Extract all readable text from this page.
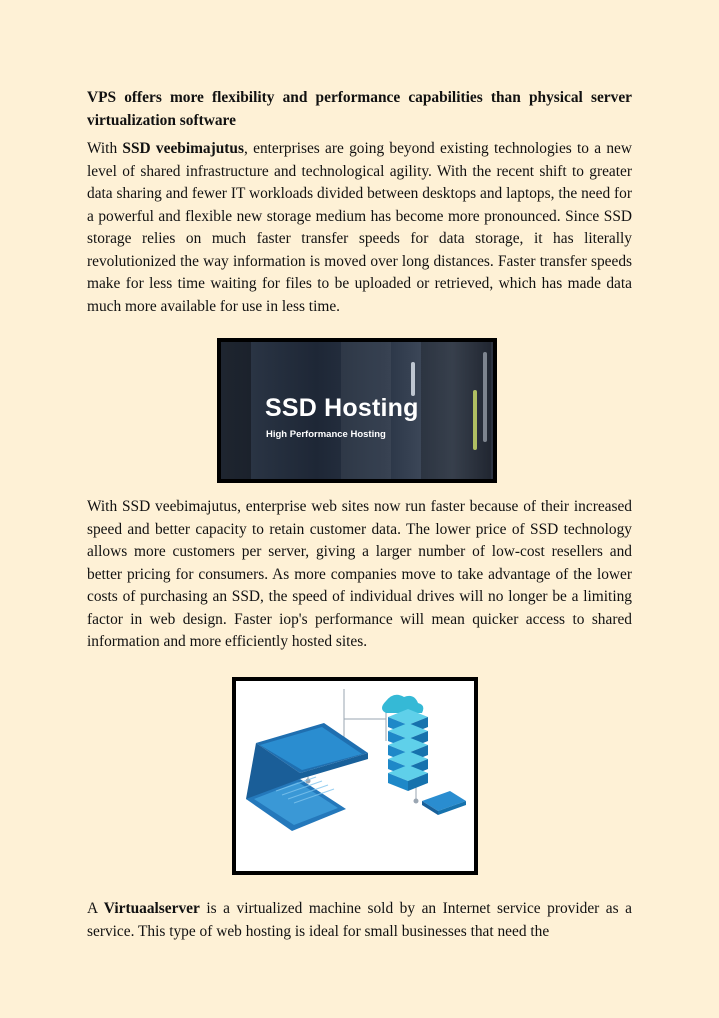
VPS offers more flexibility and performance capabilities than physical server virtualization software

With SSD veebimajutus, enterprises are going beyond existing technologies to a new level of shared infrastructure and technological agility. With the recent shift to greater data sharing and fewer IT workloads divided between desktops and laptops, the need for a powerful and flexible new storage medium has become more pronounced. Since SSD storage relies on much faster transfer speeds for data storage, it has literally revolutionized the way information is moved over long distances. Faster transfer speeds make for less time waiting for files to be uploaded or retrieved, which has made data much more available for use in less time.

SSD Hosting
High Performance Hosting

With SSD veebimajutus, enterprise web sites now run faster because of their increased speed and better capacity to retain customer data. The lower price of SSD technology allows more customers per server, giving a larger number of low-cost resellers and better pricing for consumers. As more companies move to take advantage of the lower costs of purchasing an SSD, the speed of individual drives will no longer be a limiting factor in web design. Faster iop's performance will mean quicker access to shared information and more efficiently hosted sites.

A Virtuaalserver is a virtualized machine sold by an Internet service provider as a service. This type of web hosting is ideal for small businesses that need the
